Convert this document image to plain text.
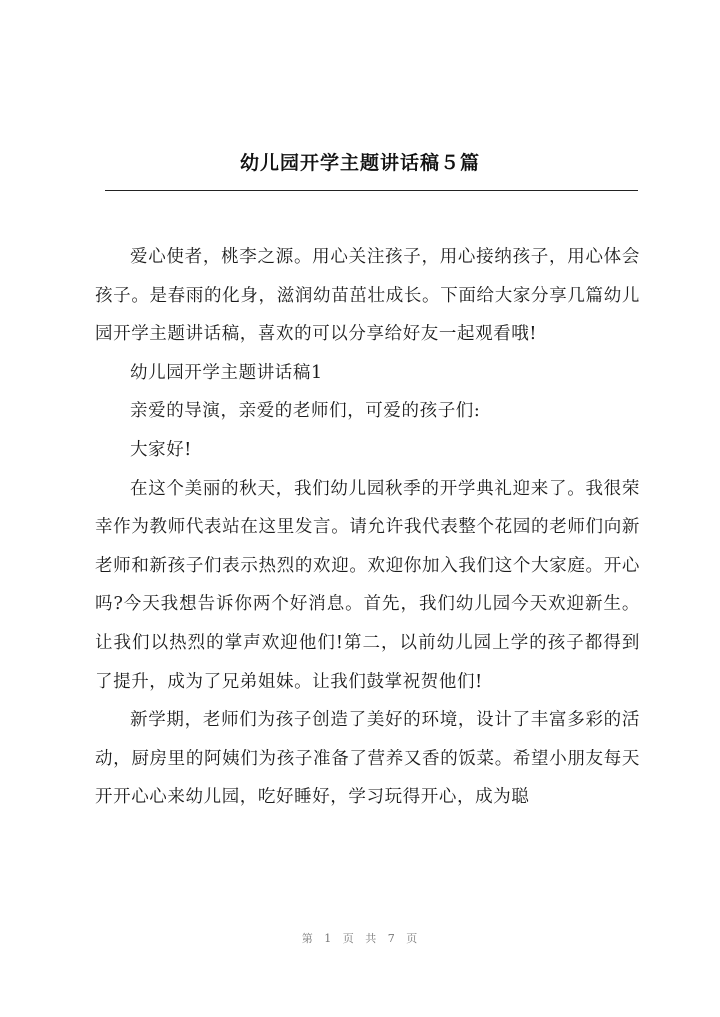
幼儿园开学主题讲话稿５篇

爱心使者，桃李之源。用心关注孩子，用心接纳孩子，用心体会孩子。是春雨的化身，滋润幼苗茁壮成长。下面给大家分享几篇幼儿园开学主题讲话稿，喜欢的可以分享给好友一起观看哦!

幼儿园开学主题讲话稿1

亲爱的导演，亲爱的老师们，可爱的孩子们:

大家好!

在这个美丽的秋天，我们幼儿园秋季的开学典礼迎来了。我很荣幸作为教师代表站在这里发言。请允许我代表整个花园的老师们向新老师和新孩子们表示热烈的欢迎。欢迎你加入我们这个大家庭。开心吗?今天我想告诉你两个好消息。首先，我们幼儿园今天欢迎新生。让我们以热烈的掌声欢迎他们!第二，以前幼儿园上学的孩子都得到了提升，成为了兄弟姐妹。让我们鼓掌祝贺他们!

新学期，老师们为孩子创造了美好的环境，设计了丰富多彩的活动，厨房里的阿姨们为孩子准备了营养又香的饭菜。希望小朋友每天开开心心来幼儿园，吃好睡好，学习玩得开心，成为聪

第 1 页 共 7 页
